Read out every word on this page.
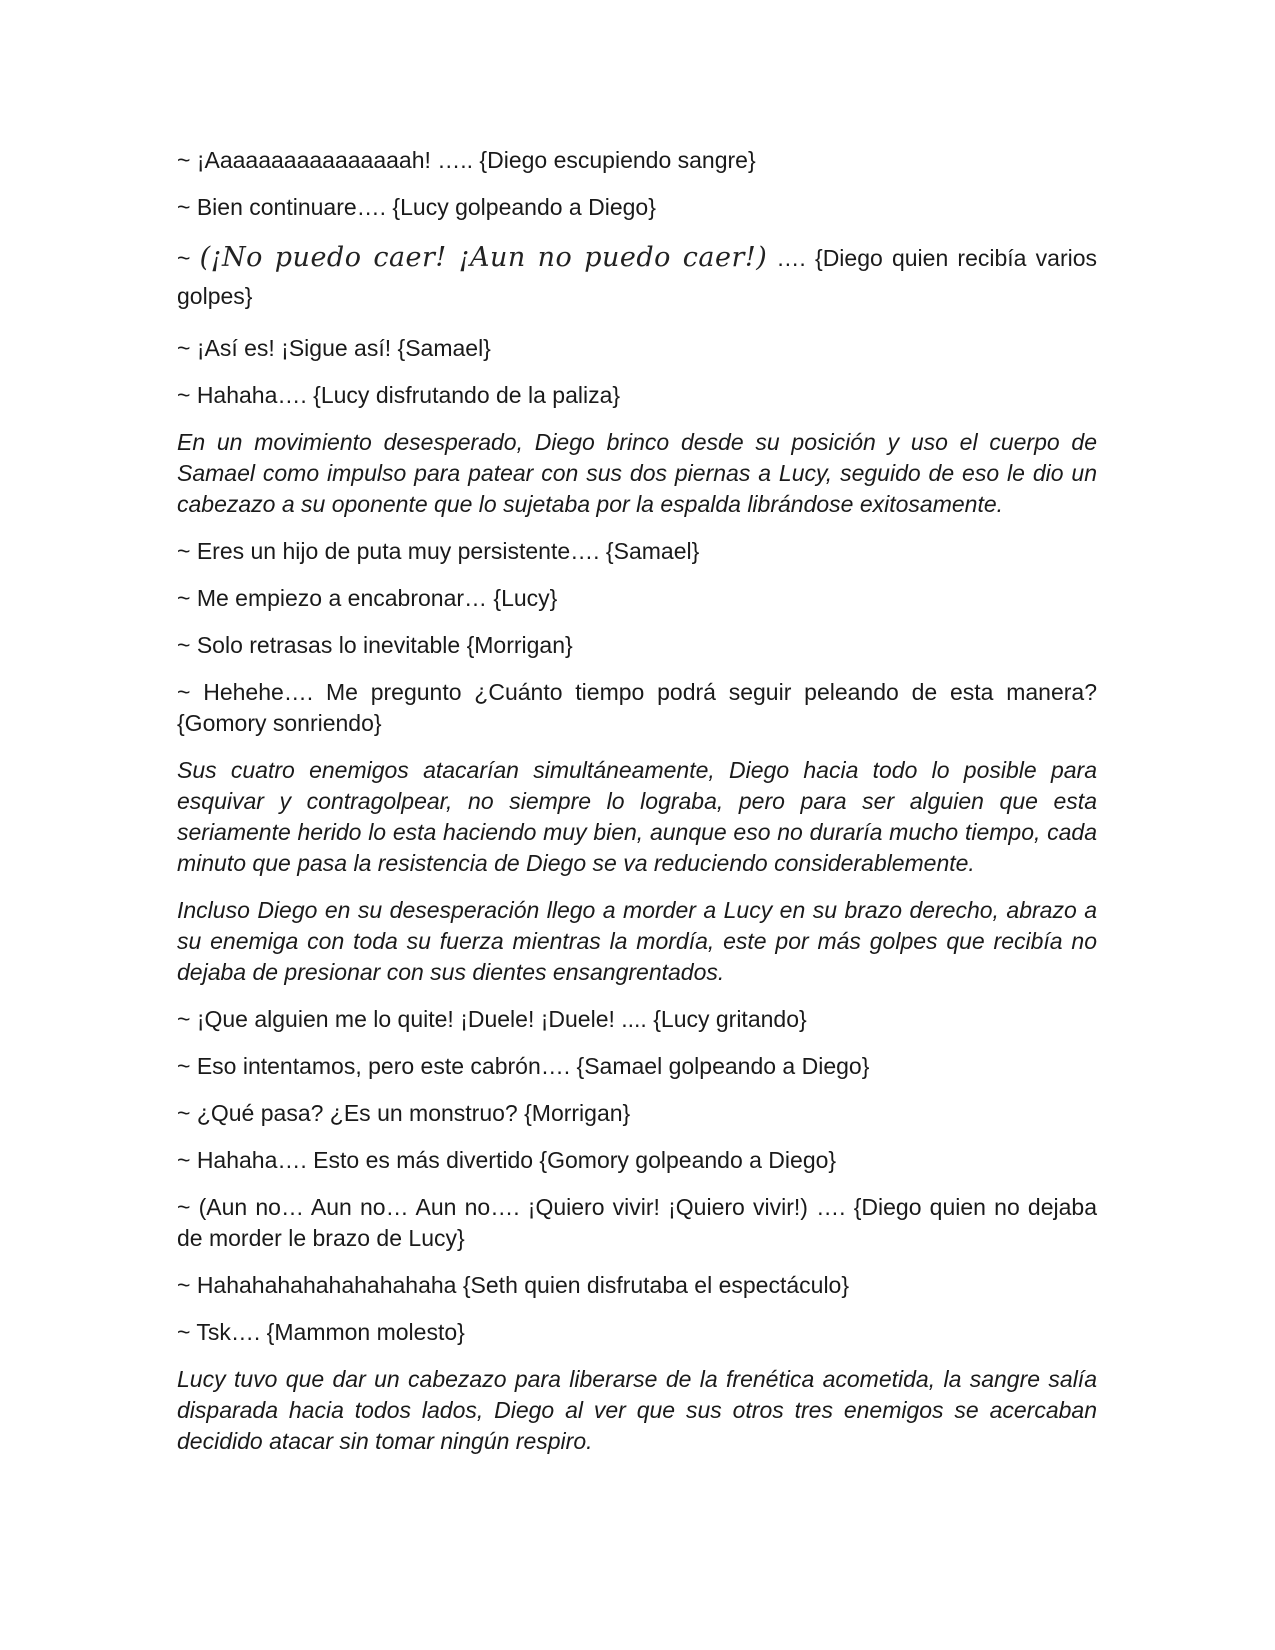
~ ¡Aaaaaaaaaaaaaaaah! ….. {Diego escupiendo sangre}

~ Bien continuare…. {Lucy golpeando a Diego}

~ (¡No puedo caer! ¡Aun no puedo caer!) …. {Diego quien recibía varios golpes}

~ ¡Así es! ¡Sigue así! {Samael}

~ Hahaha…. {Lucy disfrutando de la paliza}

En un movimiento desesperado, Diego brinco desde su posición y uso el cuerpo de Samael como impulso para patear con sus dos piernas a Lucy, seguido de eso le dio un cabezazo a su oponente que lo sujetaba por la espalda librándose exitosamente.

~ Eres un hijo de puta muy persistente…. {Samael}

~ Me empiezo a encabronar… {Lucy}

~ Solo retrasas lo inevitable {Morrigan}

~ Hehehe…. Me pregunto ¿Cuánto tiempo podrá seguir peleando de esta manera? {Gomory sonriendo}

Sus cuatro enemigos atacarían simultáneamente, Diego hacia todo lo posible para esquivar y contragolpear, no siempre lo lograba, pero para ser alguien que esta seriamente herido lo esta haciendo muy bien, aunque eso no duraría mucho tiempo, cada minuto que pasa la resistencia de Diego se va reduciendo considerablemente.

Incluso Diego en su desesperación llego a morder a Lucy en su brazo derecho, abrazo a su enemiga con toda su fuerza mientras la mordía, este por más golpes que recibía no dejaba de presionar con sus dientes ensangrentados.

~ ¡Que alguien me lo quite! ¡Duele! ¡Duele! .... {Lucy gritando}

~ Eso intentamos, pero este cabrón…. {Samael golpeando a Diego}

~ ¿Qué pasa? ¿Es un monstruo? {Morrigan}

~ Hahaha…. Esto es más divertido {Gomory golpeando a Diego}

~ (Aun no… Aun no… Aun no…. ¡Quiero vivir! ¡Quiero vivir!) …. {Diego quien no dejaba de morder le brazo de Lucy}

~ Hahahahahahahahahaha {Seth quien disfrutaba el espectáculo}

~ Tsk…. {Mammon molesto}

Lucy tuvo que dar un cabezazo para liberarse de la frenética acometida, la sangre salía disparada hacia todos lados, Diego al ver que sus otros tres enemigos se acercaban decidido atacar sin tomar ningún respiro.
